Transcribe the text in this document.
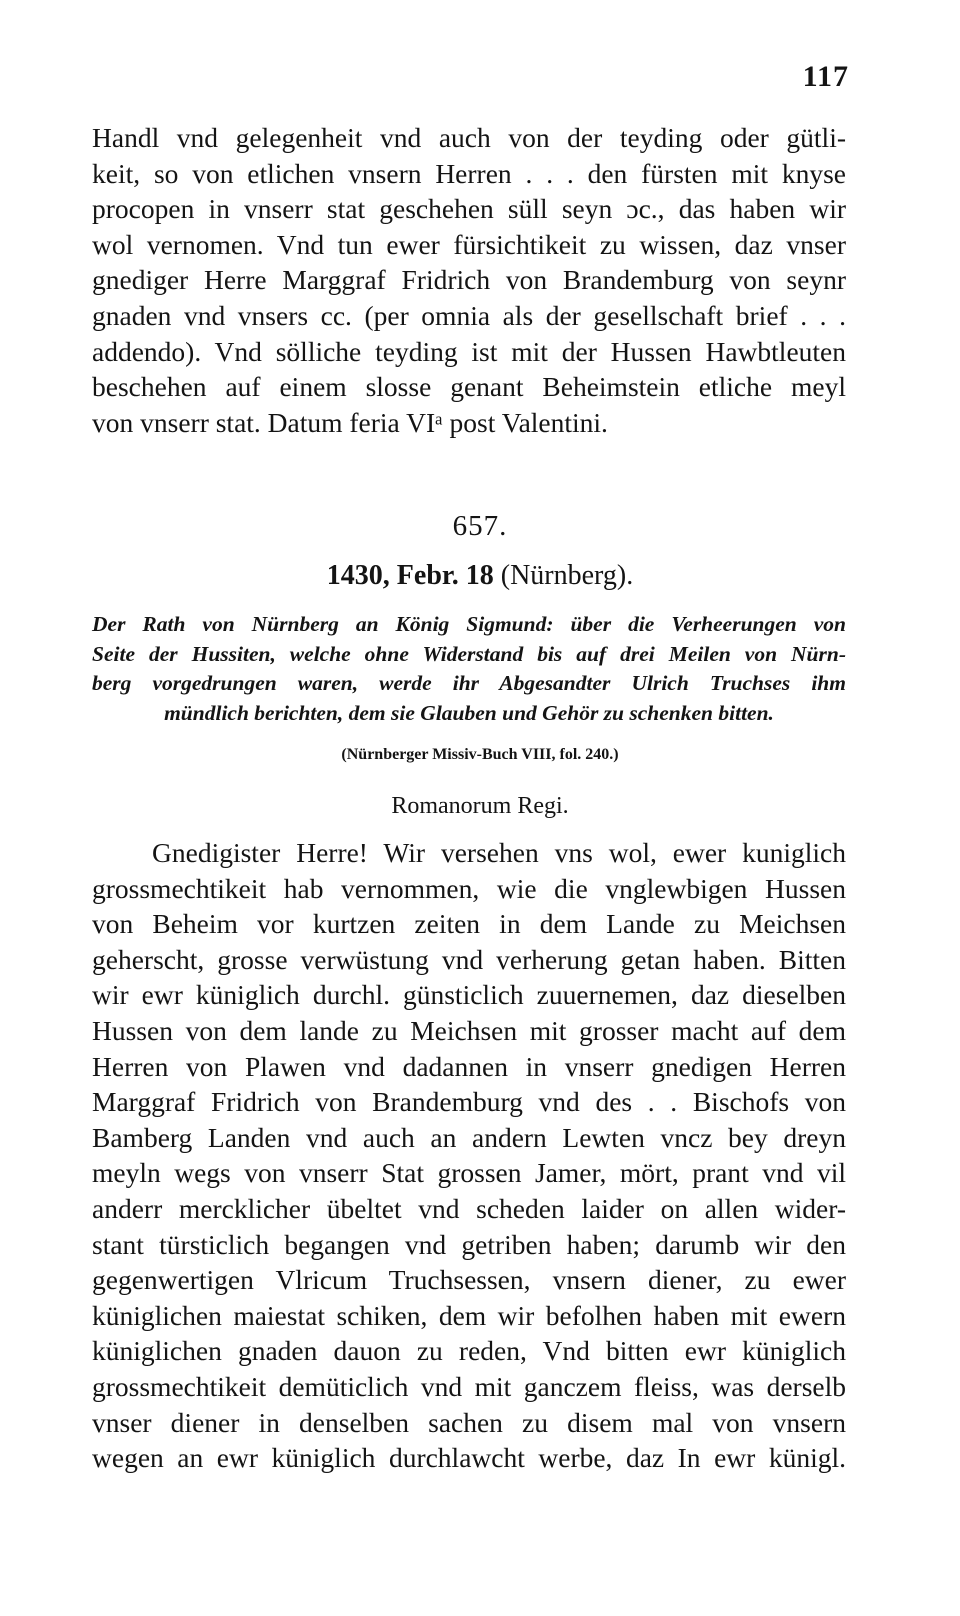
117
Handl vnd gelegenheit vnd auch von der teyding oder gütli-
keit, so von etlichen vnsern Herren . . . den fürsten mit knyse
procopen in vnserr stat geschehen süll seyn ɔc., das haben wir
wol vernomen. Vnd tun ewer fürsichtikeit zu wissen, daz vnser
gnediger Herre Marggraf Fridrich von Brandemburg von seynr
gnaden vnd vnsers cc. (per omnia als der gesellschaft brief . . .
addendo). Vnd sölliche teyding ist mit der Hussen Hawbtleuten
beschehen auf einem slosse genant Beheimstein etliche meyl
von vnserr stat. Datum feria VIᵃ post Valentini.
657.
1430, Febr. 18 (Nürnberg).
Der Rath von Nürnberg an König Sigmund: über die Verheerungen von
Seite der Hussiten, welche ohne Widerstand bis auf drei Meilen von Nürn-
berg vorgedrungen waren, werde ihr Abgesandter Ulrich Truchses ihm
mündlich berichten, dem sie Glauben und Gehör zu schenken bitten.
(Nürnberger Missiv-Buch VIII, fol. 240.)
Romanorum Regi.
Gnedigister Herre! Wir versehen vns wol, ewer kuniglich
grossmechtikeit hab vernommen, wie die vnglewbigen Hussen
von Beheim vor kurtzen zeiten in dem Lande zu Meichsen
geherscht, grosse verwüstung vnd verherung getan haben. Bitten
wir ewr küniglich durchl. günsticlich zuuernemen, daz dieselben
Hussen von dem lande zu Meichsen mit grosser macht auf dem
Herren von Plawen vnd dadannen in vnserr gnedigen Herren
Marggraf Fridrich von Brandemburg vnd des . . Bischofs von
Bamberg Landen vnd auch an andern Lewten vncz bey dreyn
meyln wegs von vnserr Stat grossen Jamer, mört, prant vnd vil
anderr mercklicher übeltet vnd scheden laider on allen wider-
stant türsticlich begangen vnd getriben haben; darumb wir den
gegenwertigen Vlricum Truchsessen, vnsern diener, zu ewer
küniglichen maiestat schiken, dem wir befolhen haben mit ewern
küniglichen gnaden dauon zu reden, Vnd bitten ewr küniglich
grossmechtikeit demüticlich vnd mit ganczem fleiss, was derselb
vnser diener in denselben sachen zu disem mal von vnsern
wegen an ewr küniglich durchlawcht werbe, daz In ewr künigl.
